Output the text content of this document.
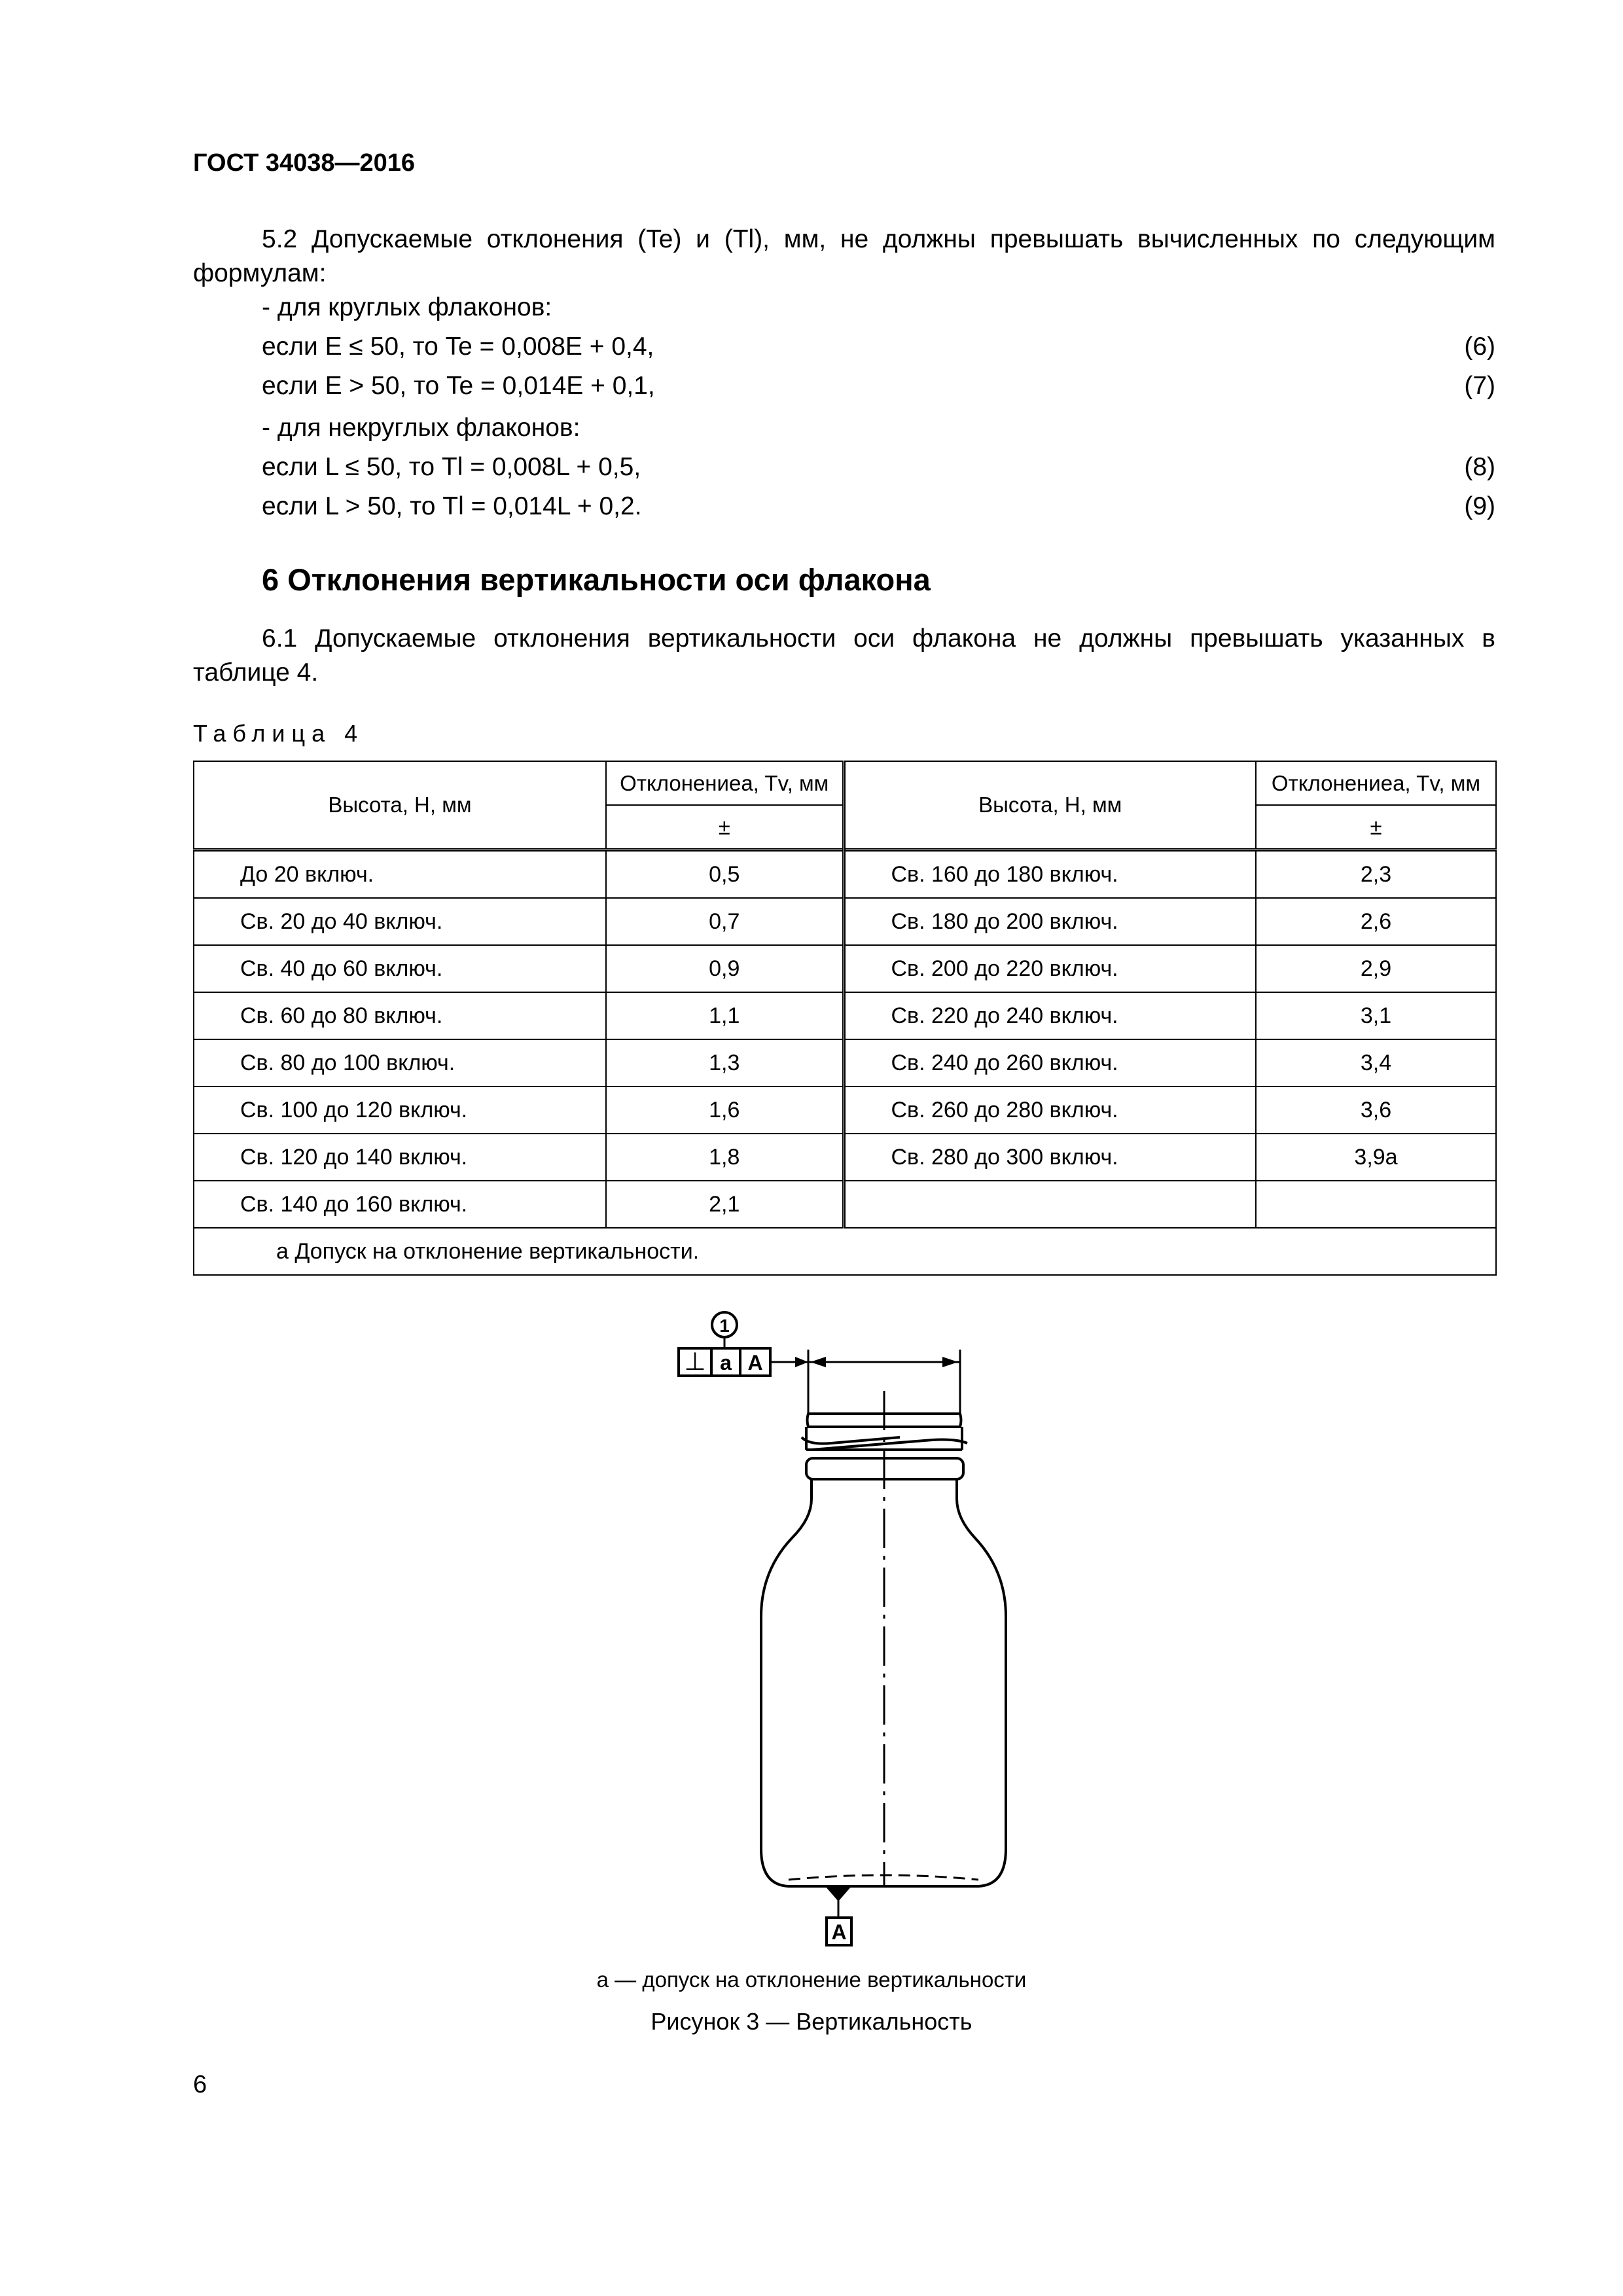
ГОСТ 34038—2016
5.2 Допускаемые отклонения (Te) и (Tl), мм, не должны превышать вычисленных по следующим
формулам:
- для круглых флаконов:
если E ≤ 50, то Te = 0,008E + 0,4,	(6)
если E > 50, то Te = 0,014E + 0,1,	(7)
- для некруглых флаконов:
если L ≤ 50, то Tl = 0,008L + 0,5,	(8)
если L > 50, то Tl = 0,014L + 0,2.	(9)
6 Отклонения вертикальности оси флакона
6.1 Допускаемые отклонения вертикальности оси флакона не должны превышать указанных в
таблице 4.
Таблица 4
Высота, H, мм	Отклонениеa, Tv, мм	Высота, H, мм	Отклонениеa, Tv, мм
	±		±
До 20 включ.	0,5	Св. 160 до 180 включ.	2,3
Св. 20 до 40 включ.	0,7	Св. 180 до 200 включ.	2,6
Св. 40 до 60 включ.	0,9	Св. 200 до 220 включ.	2,9
Св. 60 до 80 включ.	1,1	Св. 220 до 240 включ.	3,1
Св. 80 до 100 включ.	1,3	Св. 240 до 260 включ.	3,4
Св. 100 до 120 включ.	1,6	Св. 260 до 280 включ.	3,6
Св. 120 до 140 включ.	1,8	Св. 280 до 300 включ.	3,9a
Св. 140 до 160 включ.	2,1		
a Допуск на отклонение вертикальности.			
1
⊥ a A
A
а — допуск на отклонение вертикальности
Рисунок 3 — Вертикальность
6
